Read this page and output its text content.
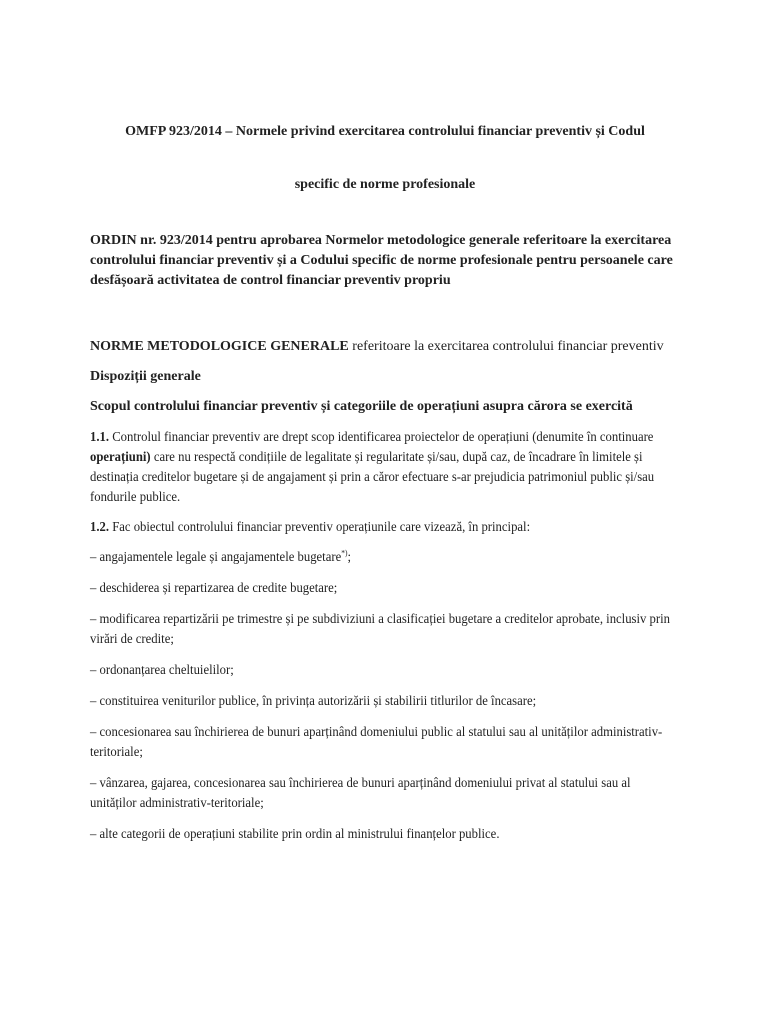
OMFP 923/2014 – Normele privind exercitarea controlului financiar preventiv și Codul

specific de norme profesionale

ORDIN nr. 923/2014 pentru aprobarea Normelor metodologice generale referitoare la exercitarea controlului financiar preventiv și a Codului specific de norme profesionale pentru persoanele care desfășoară activitatea de control financiar preventiv propriu

NORME METODOLOGICE GENERALE referitoare la exercitarea controlului financiar preventiv

Dispoziții generale

Scopul controlului financiar preventiv și categoriile de operațiuni asupra cărora se exercită

1.1. Controlul financiar preventiv are drept scop identificarea proiectelor de operațiuni (denumite în continuare operațiuni) care nu respectă condițiile de legalitate și regularitate și/sau, după caz, de încadrare în limitele și destinația creditelor bugetare și de angajament și prin a căror efectuare s-ar prejudicia patrimoniul public și/sau fondurile publice.

1.2. Fac obiectul controlului financiar preventiv operațiunile care vizează, în principal:

– angajamentele legale și angajamentele bugetare*);

– deschiderea și repartizarea de credite bugetare;

– modificarea repartizării pe trimestre și pe subdiviziuni a clasificației bugetare a creditelor aprobate, inclusiv prin virări de credite;

– ordonanțarea cheltuielilor;

– constituirea veniturilor publice, în privința autorizării și stabilirii titlurilor de încasare;

– concesionarea sau închirierea de bunuri aparținând domeniului public al statului sau al unităților administrativ-teritoriale;

– vânzarea, gajarea, concesionarea sau închirierea de bunuri aparținând domeniului privat al statului sau al unităților administrativ-teritoriale;

– alte categorii de operațiuni stabilite prin ordin al ministrului finanțelor publice.
